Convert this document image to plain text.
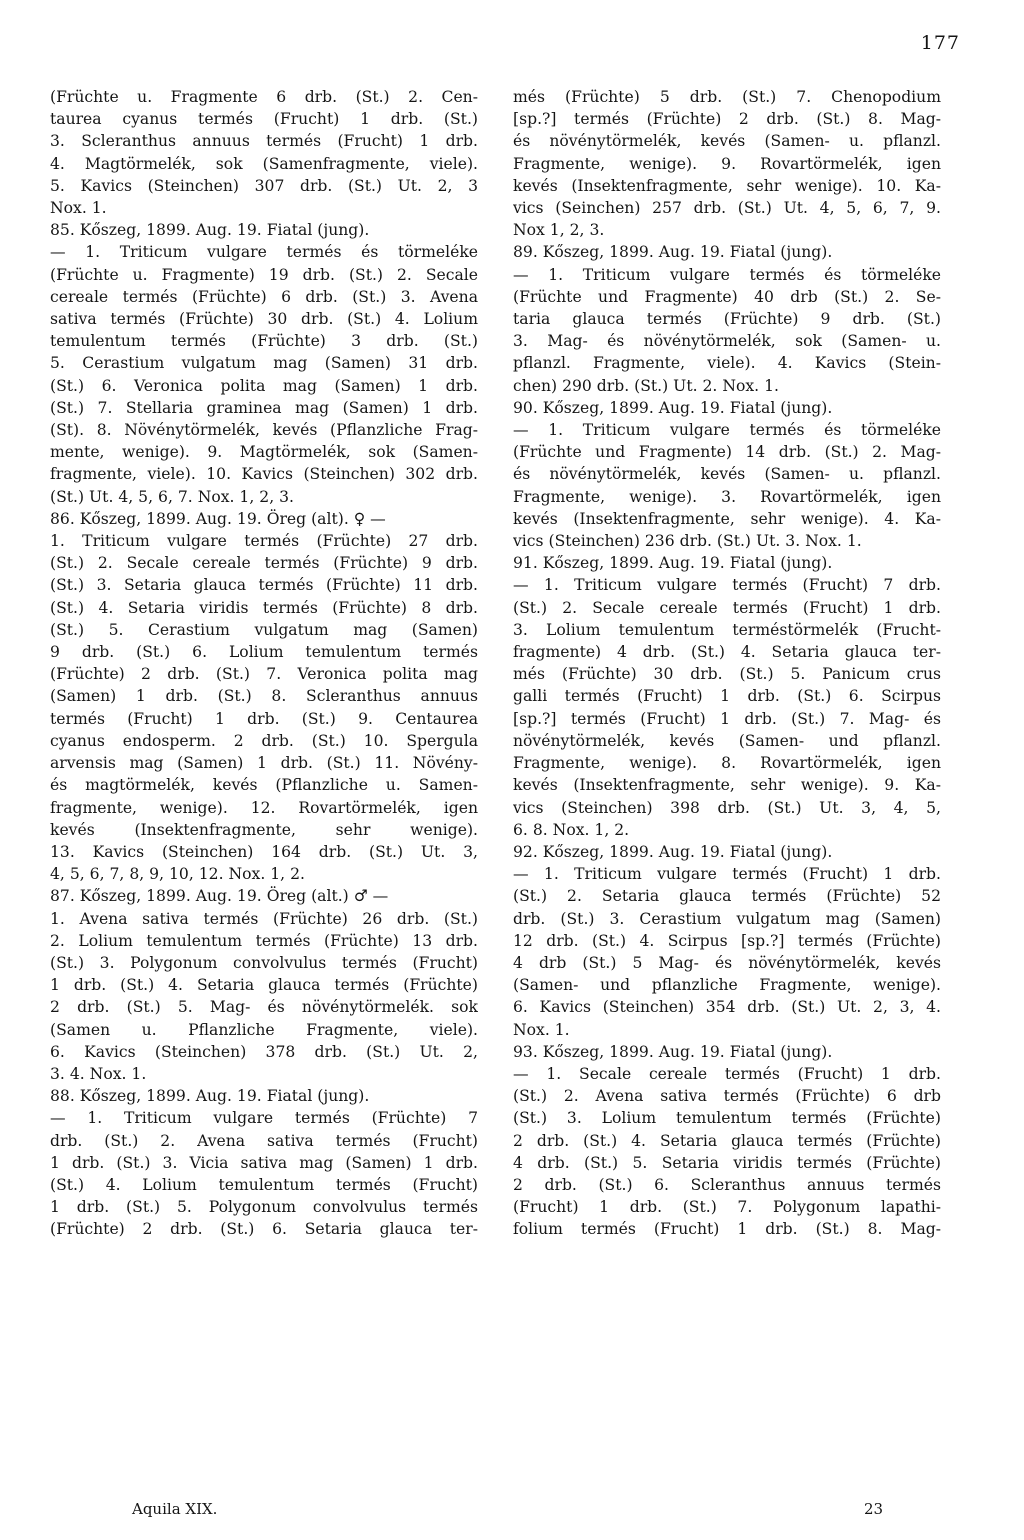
177

(Früchte u. Fragmente 6 drb. (St.) 2. Cen-

taurea cyanus termés (Frucht) 1 drb. (St.)

3. Scleranthus annuus termés (Frucht) 1 drb.

4. Magtörmelék, sok (Samenfragmente, viele).

5. Kavics (Steinchen) 307 drb. (St.) Ut. 2, 3

Nox. 1.

85. Kőszeg, 1899. Aug. 19. Fiatal (jung).

— 1. Triticum vulgare termés és törmeléke

(Früchte u. Fragmente) 19 drb. (St.) 2. Secale

cereale termés (Früchte) 6 drb. (St.) 3. Avena

sativa termés (Früchte) 30 drb. (St.) 4. Lolium

temulentum termés (Früchte) 3 drb. (St.)

5. Cerastium vulgatum mag (Samen) 31 drb.

(St.) 6. Veronica polita mag (Samen) 1 drb.

(St.) 7. Stellaria graminea mag (Samen) 1 drb.

(St). 8. Növénytörmelék, kevés (Pflanzliche Frag-

mente, wenige). 9. Magtörmelék, sok (Samen-

fragmente, viele). 10. Kavics (Steinchen) 302 drb.

(St.) Ut. 4, 5, 6, 7. Nox. 1, 2, 3.

86. Kőszeg, 1899. Aug. 19. Öreg (alt). ♀ —

1. Triticum vulgare termés (Früchte) 27 drb.

(St.) 2. Secale cereale termés (Früchte) 9 drb.

(St.) 3. Setaria glauca termés (Früchte) 11 drb.

(St.) 4. Setaria viridis termés (Früchte) 8 drb.

(St.) 5. Cerastium vulgatum mag (Samen)

9 drb. (St.) 6. Lolium temulentum termés

(Früchte) 2 drb. (St.) 7. Veronica polita mag

(Samen) 1 drb. (St.) 8. Scleranthus annuus

termés (Frucht) 1 drb. (St.) 9. Centaurea

cyanus endosperm. 2 drb. (St.) 10. Spergula

arvensis mag (Samen) 1 drb. (St.) 11. Növény-

és magtörmelék, kevés (Pflanzliche u. Samen-

fragmente, wenige). 12. Rovartörmelék, igen

kevés (Insektenfragmente, sehr wenige).

13. Kavics (Steinchen) 164 drb. (St.) Ut. 3,

4, 5, 6, 7, 8, 9, 10, 12. Nox. 1, 2.

87. Kőszeg, 1899. Aug. 19. Öreg (alt.) ♂ —

1. Avena sativa termés (Früchte) 26 drb. (St.)

2. Lolium temulentum termés (Früchte) 13 drb.

(St.) 3. Polygonum convolvulus termés (Frucht)

1 drb. (St.) 4. Setaria glauca termés (Früchte)

2 drb. (St.) 5. Mag- és növénytörmelék. sok

(Samen u. Pflanzliche Fragmente, viele).

6. Kavics (Steinchen) 378 drb. (St.) Ut. 2,

3. 4. Nox. 1.

88. Kőszeg, 1899. Aug. 19. Fiatal (jung).

— 1. Triticum vulgare termés (Früchte) 7

drb. (St.) 2. Avena sativa termés (Frucht)

1 drb. (St.) 3. Vicia sativa mag (Samen) 1 drb.

(St.) 4. Lolium temulentum termés (Frucht)

1 drb. (St.) 5. Polygonum convolvulus termés

(Früchte) 2 drb. (St.) 6. Setaria glauca ter-

més (Früchte) 5 drb. (St.) 7. Chenopodium

[sp.?] termés (Früchte) 2 drb. (St.) 8. Mag-

és növénytörmelék, kevés (Samen- u. pflanzl.

Fragmente, wenige). 9. Rovartörmelék, igen

kevés (Insektenfragmente, sehr wenige). 10. Ka-

vics (Seinchen) 257 drb. (St.) Ut. 4, 5, 6, 7, 9.

Nox 1, 2, 3.

89. Kőszeg, 1899. Aug. 19. Fiatal (jung).

— 1. Triticum vulgare termés és törmeléke

(Früchte und Fragmente) 40 drb (St.) 2. Se-

taria glauca termés (Früchte) 9 drb. (St.)

3. Mag- és növénytörmelék, sok (Samen- u.

pflanzl. Fragmente, viele). 4. Kavics (Stein-

chen) 290 drb. (St.) Ut. 2. Nox. 1.

90. Kőszeg, 1899. Aug. 19. Fiatal (jung).

— 1. Triticum vulgare termés és törmeléke

(Früchte und Fragmente) 14 drb. (St.) 2. Mag-

és növénytörmelék, kevés (Samen- u. pflanzl.

Fragmente, wenige). 3. Rovartörmelék, igen

kevés (Insektenfragmente, sehr wenige). 4. Ka-

vics (Steinchen) 236 drb. (St.) Ut. 3. Nox. 1.

91. Kőszeg, 1899. Aug. 19. Fiatal (jung).

— 1. Triticum vulgare termés (Frucht) 7 drb.

(St.) 2. Secale cereale termés (Frucht) 1 drb.

3. Lolium temulentum terméstörmelék (Frucht-

fragmente) 4 drb. (St.) 4. Setaria glauca ter-

més (Früchte) 30 drb. (St.) 5. Panicum crus

galli termés (Frucht) 1 drb. (St.) 6. Scirpus

[sp.?] termés (Frucht) 1 drb. (St.) 7. Mag- és

növénytörmelék, kevés (Samen- und pflanzl.

Fragmente, wenige). 8. Rovartörmelék, igen

kevés (Insektenfragmente, sehr wenige). 9. Ka-

vics (Steinchen) 398 drb. (St.) Ut. 3, 4, 5,

6. 8. Nox. 1, 2.

92. Kőszeg, 1899. Aug. 19. Fiatal (jung).

— 1. Triticum vulgare termés (Frucht) 1 drb.

(St.) 2. Setaria glauca termés (Früchte) 52

drb. (St.) 3. Cerastium vulgatum mag (Samen)

12 drb. (St.) 4. Scirpus [sp.?] termés (Früchte)

4 drb (St.) 5 Mag- és növénytörmelék, kevés

(Samen- und pflanzliche Fragmente, wenige).

6. Kavics (Steinchen) 354 drb. (St.) Ut. 2, 3, 4.

Nox. 1.

93. Kőszeg, 1899. Aug. 19. Fiatal (jung).

— 1. Secale cereale termés (Frucht) 1 drb.

(St.) 2. Avena sativa termés (Früchte) 6 drb

(St.) 3. Lolium temulentum termés (Früchte)

2 drb. (St.) 4. Setaria glauca termés (Früchte)

4 drb. (St.) 5. Setaria viridis termés (Früchte)

2 drb. (St.) 6. Scleranthus annuus termés

(Frucht) 1 drb. (St.) 7. Polygonum lapathi-

folium termés (Frucht) 1 drb. (St.) 8. Mag-

Aquila XIX.	23
